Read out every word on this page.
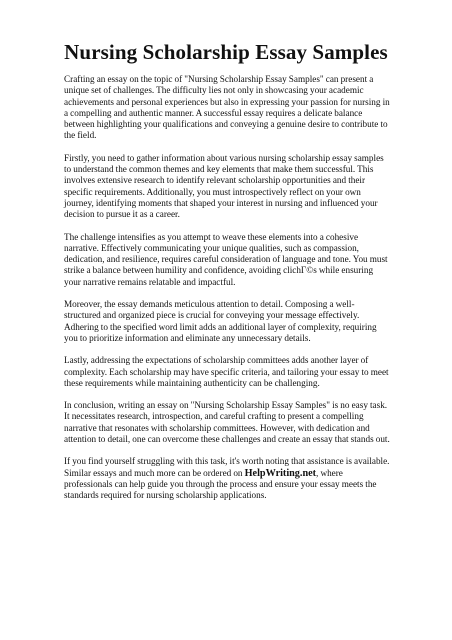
Nursing Scholarship Essay Samples

Crafting an essay on the topic of "Nursing Scholarship Essay Samples" can present a unique set of challenges. The difficulty lies not only in showcasing your academic achievements and personal experiences but also in expressing your passion for nursing in a compelling and authentic manner. A successful essay requires a delicate balance between highlighting your qualifications and conveying a genuine desire to contribute to the field.

Firstly, you need to gather information about various nursing scholarship essay samples to understand the common themes and key elements that make them successful. This involves extensive research to identify relevant scholarship opportunities and their specific requirements. Additionally, you must introspectively reflect on your own journey, identifying moments that shaped your interest in nursing and influenced your decision to pursue it as a career.

The challenge intensifies as you attempt to weave these elements into a cohesive narrative. Effectively communicating your unique qualities, such as compassion, dedication, and resilience, requires careful consideration of language and tone. You must strike a balance between humility and confidence, avoiding clichΓ©s while ensuring your narrative remains relatable and impactful.

Moreover, the essay demands meticulous attention to detail. Composing a well-structured and organized piece is crucial for conveying your message effectively. Adhering to the specified word limit adds an additional layer of complexity, requiring you to prioritize information and eliminate any unnecessary details.

Lastly, addressing the expectations of scholarship committees adds another layer of complexity. Each scholarship may have specific criteria, and tailoring your essay to meet these requirements while maintaining authenticity can be challenging.

In conclusion, writing an essay on "Nursing Scholarship Essay Samples" is no easy task. It necessitates research, introspection, and careful crafting to present a compelling narrative that resonates with scholarship committees. However, with dedication and attention to detail, one can overcome these challenges and create an essay that stands out.

If you find yourself struggling with this task, it's worth noting that assistance is available. Similar essays and much more can be ordered on HelpWriting.net, where professionals can help guide you through the process and ensure your essay meets the standards required for nursing scholarship applications.
